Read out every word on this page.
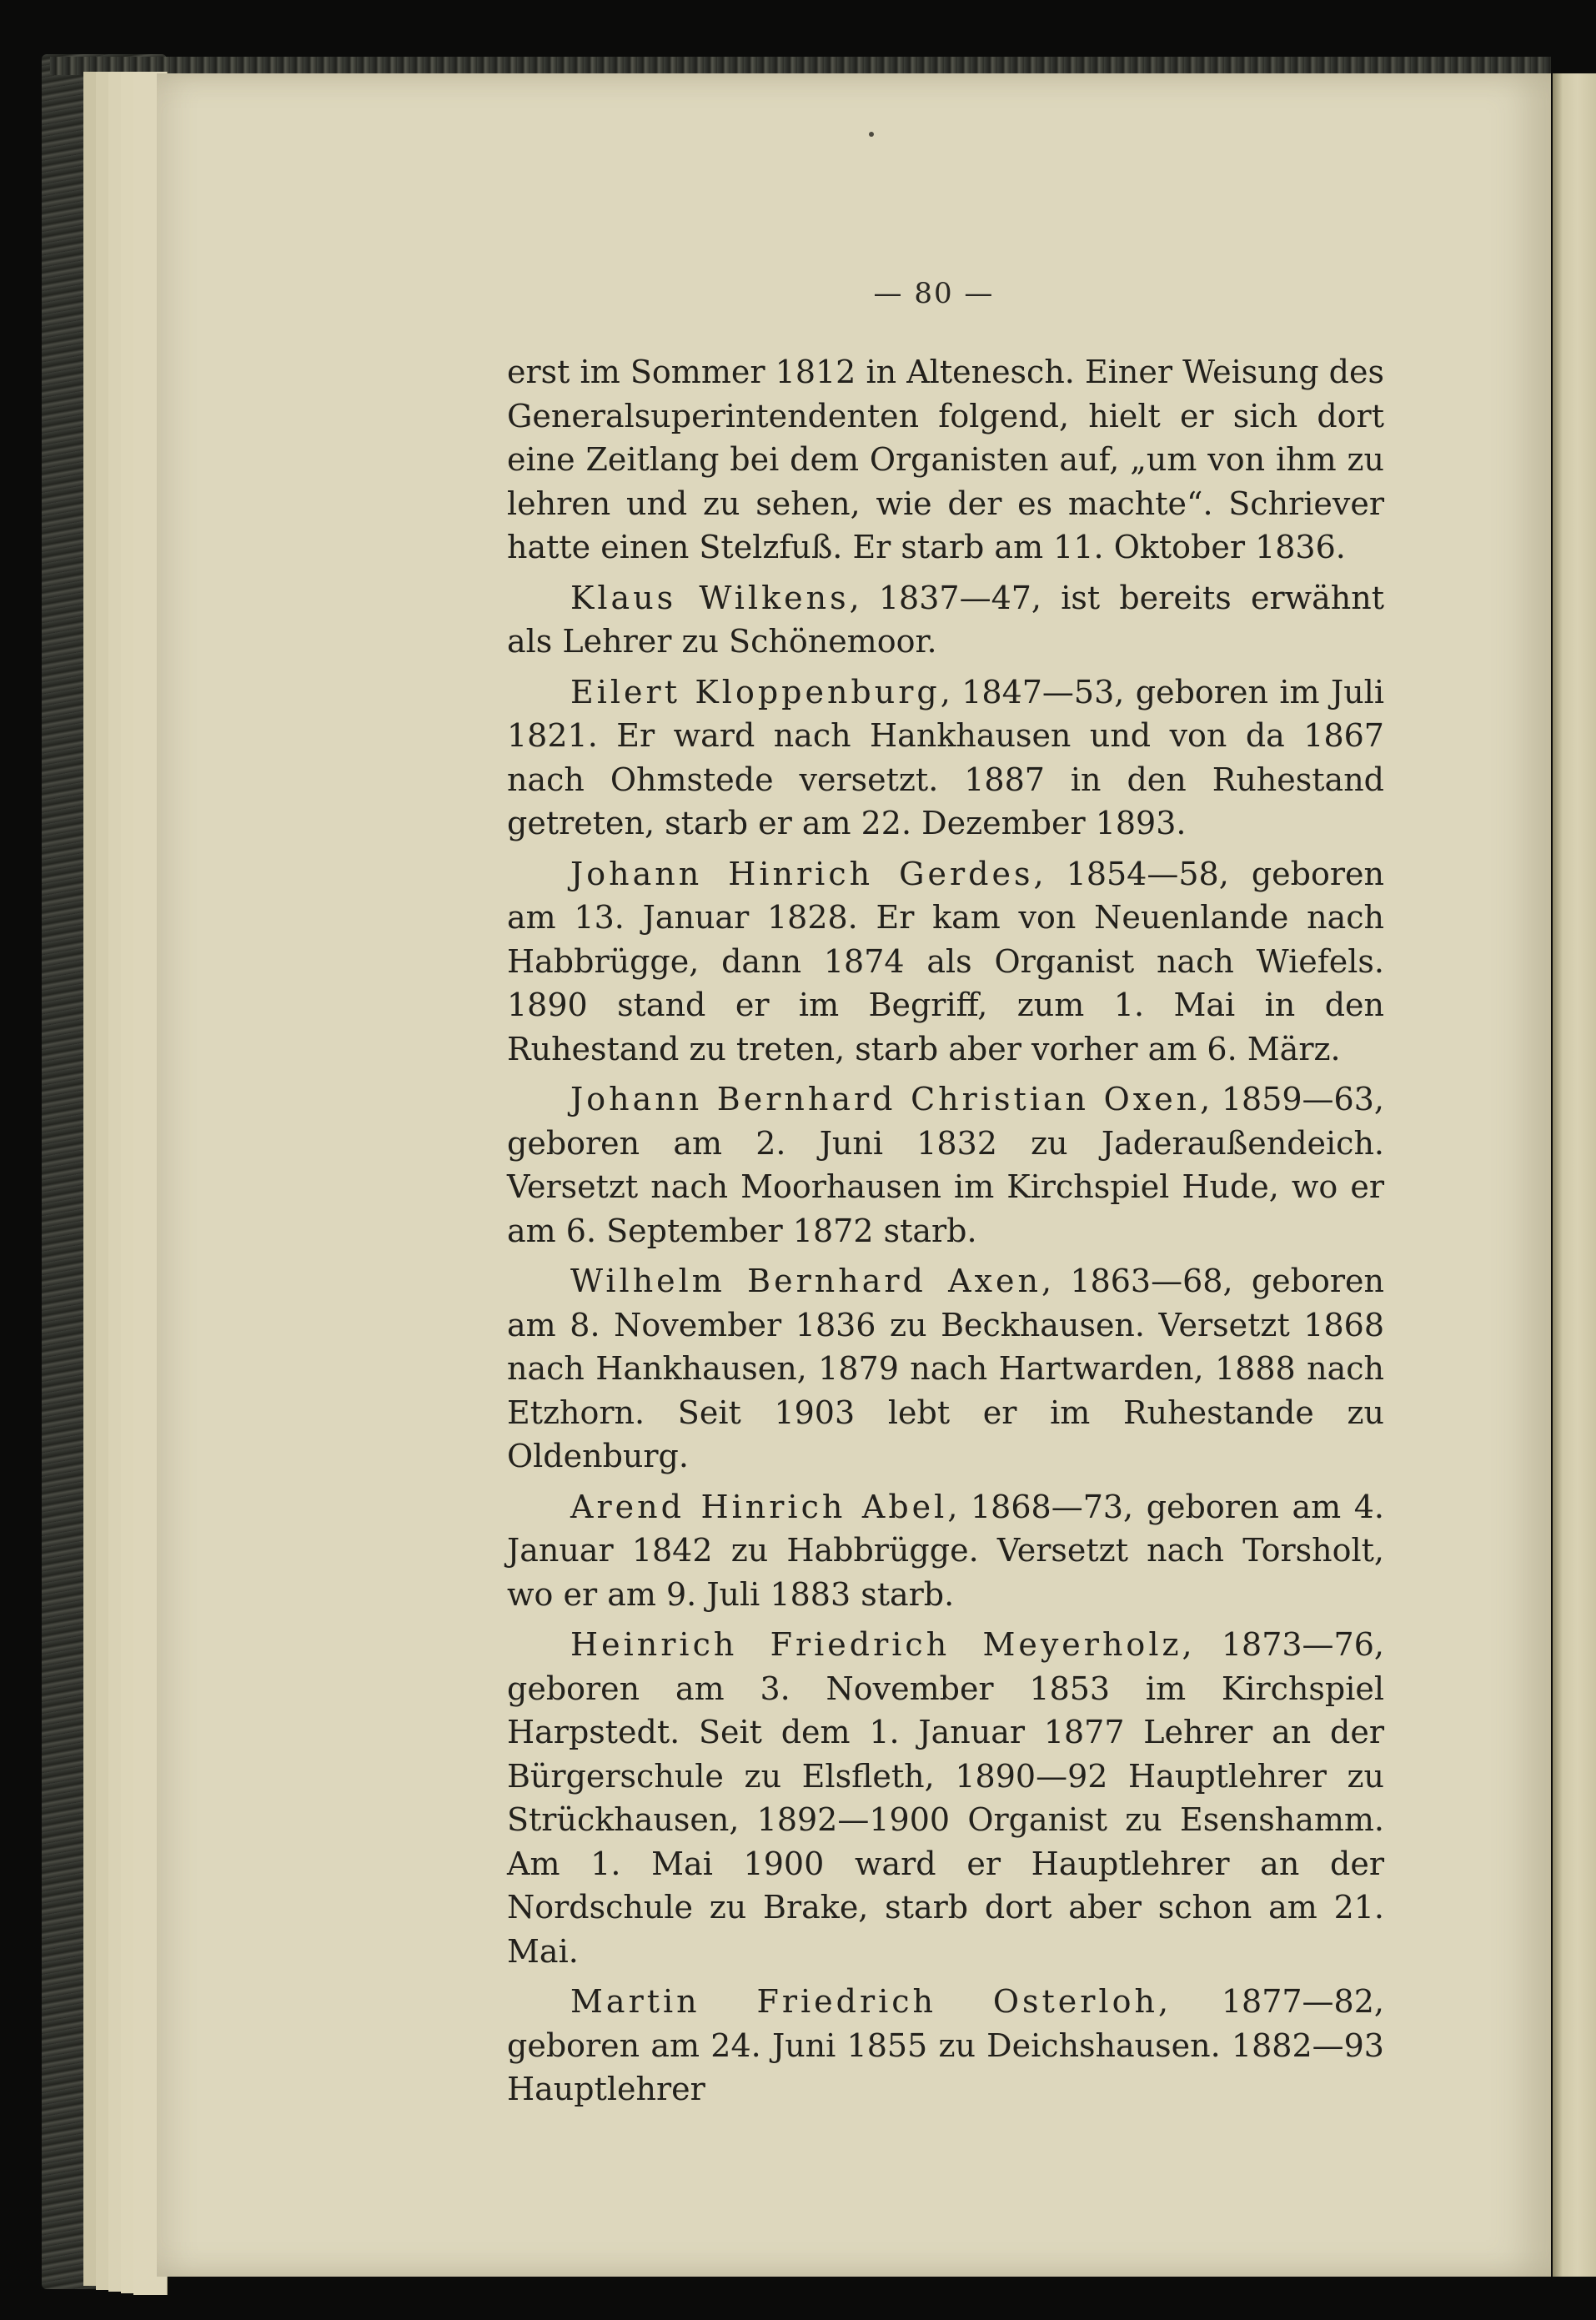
— 80 —

erst im Sommer 1812 in Altenesch. Einer Weisung des Generalsuperintendenten folgend, hielt er sich dort eine Zeitlang bei dem Organisten auf, „um von ihm zu lehren und zu sehen, wie der es machte“. Schriever hatte einen Stelzfuß. Er starb am 11. Oktober 1836.

Klaus Wilkens, 1837—47, ist bereits erwähnt als Lehrer zu Schönemoor.

Eilert Kloppenburg, 1847—53, geboren im Juli 1821. Er ward nach Hankhausen und von da 1867 nach Ohmstede versetzt. 1887 in den Ruhestand getreten, starb er am 22. Dezember 1893.

Johann Hinrich Gerdes, 1854—58, geboren am 13. Januar 1828. Er kam von Neuenlande nach Habbrügge, dann 1874 als Organist nach Wiefels. 1890 stand er im Begriff, zum 1. Mai in den Ruhestand zu treten, starb aber vorher am 6. März.

Johann Bernhard Christian Oxen, 1859—63, geboren am 2. Juni 1832 zu Jaderaußendeich. Versetzt nach Moorhausen im Kirchspiel Hude, wo er am 6. September 1872 starb.

Wilhelm Bernhard Axen, 1863—68, geboren am 8. November 1836 zu Beckhausen. Versetzt 1868 nach Hankhausen, 1879 nach Hartwarden, 1888 nach Etzhorn. Seit 1903 lebt er im Ruhestande zu Oldenburg.

Arend Hinrich Abel, 1868—73, geboren am 4. Januar 1842 zu Habbrügge. Versetzt nach Torsholt, wo er am 9. Juli 1883 starb.

Heinrich Friedrich Meyerholz, 1873—76, geboren am 3. November 1853 im Kirchspiel Harpstedt. Seit dem 1. Januar 1877 Lehrer an der Bürgerschule zu Elsfleth, 1890—92 Hauptlehrer zu Strückhausen, 1892—1900 Organist zu Esenshamm. Am 1. Mai 1900 ward er Hauptlehrer an der Nordschule zu Brake, starb dort aber schon am 21. Mai.

Martin Friedrich Osterloh, 1877—82, geboren am 24. Juni 1855 zu Deichshausen. 1882—93 Hauptlehrer
